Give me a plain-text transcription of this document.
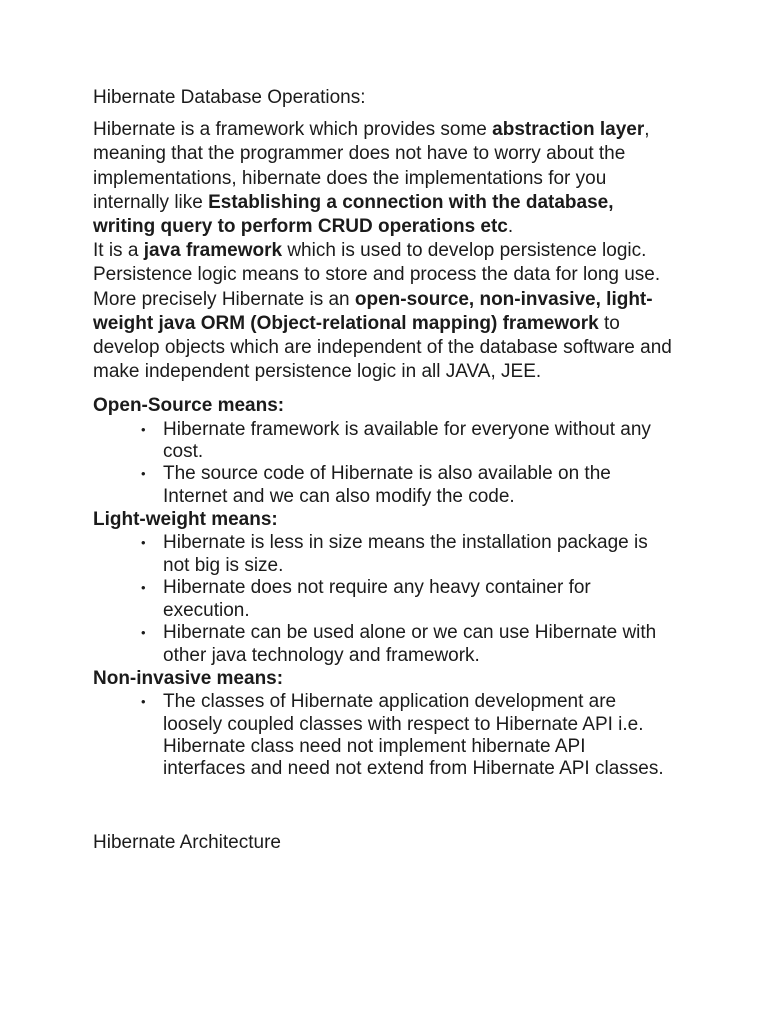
Hibernate Database Operations:

Hibernate is a framework which provides some abstraction layer, meaning that the programmer does not have to worry about the implementations, hibernate does the implementations for you internally like Establishing a connection with the database, writing query to perform CRUD operations etc.

It is a java framework which is used to develop persistence logic. Persistence logic means to store and process the data for long use. More precisely Hibernate is an open-source, non-invasive, light-weight java ORM (Object-relational mapping) framework to develop objects which are independent of the database software and make independent persistence logic in all JAVA, JEE.

Open-Source means:

• Hibernate framework is available for everyone without any cost.
• The source code of Hibernate is also available on the Internet and we can also modify the code.

Light-weight means:

• Hibernate is less in size means the installation package is not big is size.
• Hibernate does not require any heavy container for execution.
• Hibernate can be used alone or we can use Hibernate with other java technology and framework.

Non-invasive means:

• The classes of Hibernate application development are loosely coupled classes with respect to Hibernate API i.e. Hibernate class need not implement hibernate API interfaces and need not extend from Hibernate API classes.

Hibernate Architecture
